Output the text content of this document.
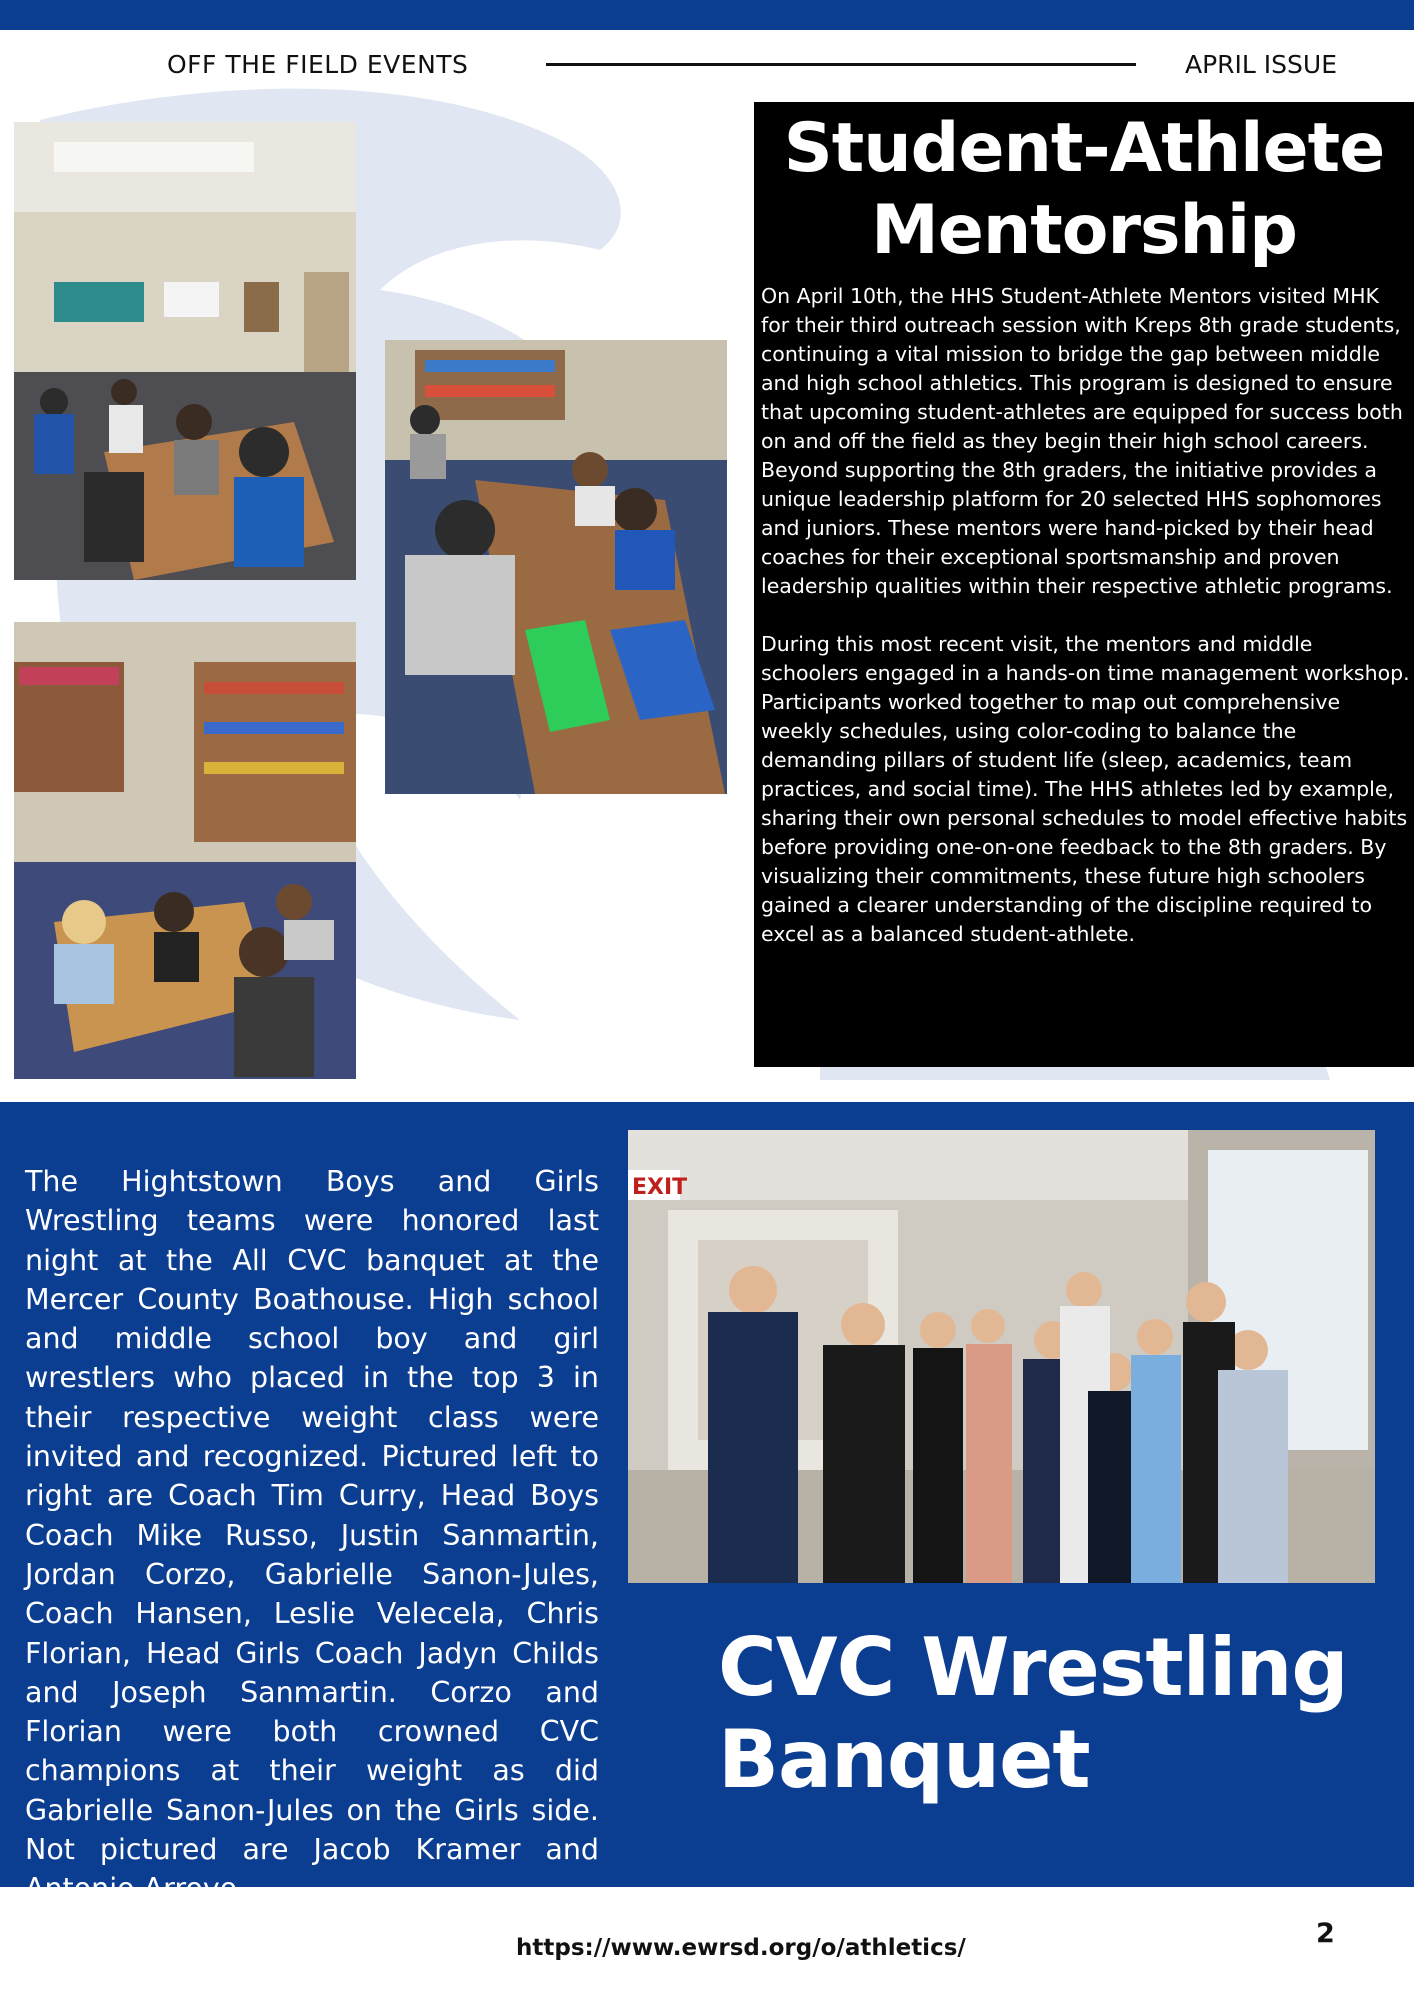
OFF THE FIELD EVENTS	APRIL ISSUE
Student-Athlete
Mentorship

On April 10th, the HHS Student-Athlete Mentors visited MHK for their third outreach session with Kreps 8th grade students, continuing a vital mission to bridge the gap between middle and high school athletics. This program is designed to ensure that upcoming student-athletes are equipped for success both on and off the field as they begin their high school careers. Beyond supporting the 8th graders, the initiative provides a unique leadership platform for 20 selected HHS sophomores and juniors. These mentors were hand-picked by their head coaches for their exceptional sportsmanship and proven leadership qualities within their respective athletic programs.

During this most recent visit, the mentors and middle schoolers engaged in a hands-on time management workshop. Participants worked together to map out comprehensive weekly schedules, using color-coding to balance the demanding pillars of student life (sleep, academics, team practices, and social time). The HHS athletes led by example, sharing their own personal schedules to model effective habits before providing one-on-one feedback to the 8th graders. By visualizing their commitments, these future high schoolers gained a clearer understanding of the discipline required to excel as a balanced student-athlete.

The Hightstown Boys and Girls Wrestling teams were honored last night at the All CVC banquet at the Mercer County Boathouse. High school and middle school boy and girl wrestlers who placed in the top 3 in their respective weight class were invited and recognized. Pictured left to right are Coach Tim Curry, Head Boys Coach Mike Russo, Justin Sanmartin, Jordan Corzo, Gabrielle Sanon-Jules, Coach Hansen, Leslie Velecela, Chris Florian, Head Girls Coach Jadyn Childs and Joseph Sanmartin. Corzo and Florian were both crowned CVC champions at their weight as did Gabrielle Sanon-Jules on the Girls side. Not pictured are Jacob Kramer and Antonio Arroyo.

EXIT
CVC Wrestling
Banquet
https://www.ewrsd.org/o/athletics/	2
